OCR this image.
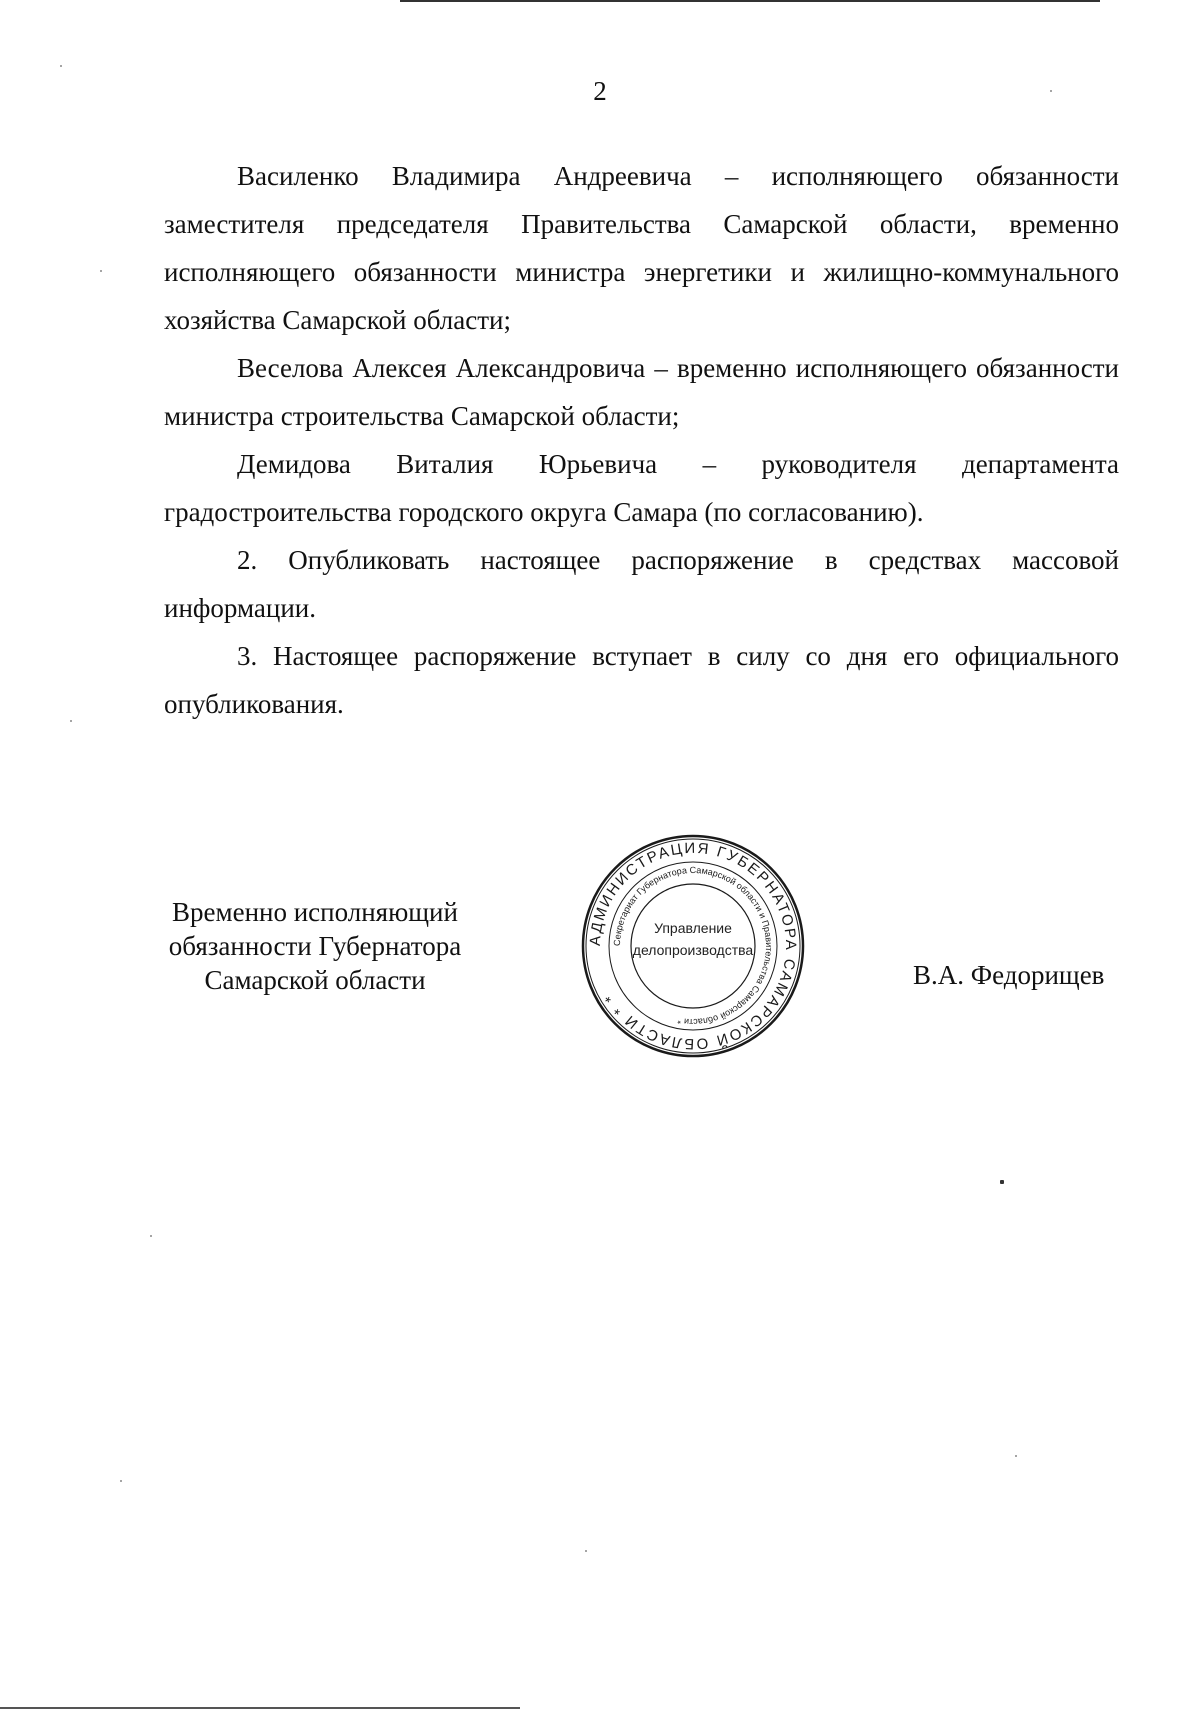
2

Василенко Владимира Андреевича – исполняющего обязанности заместителя председателя Правительства Самарской области, временно исполняющего обязанности министра энергетики и жилищно-коммунального хозяйства Самарской области;

Веселова Алексея Александровича – временно исполняющего обязанности министра строительства Самарской области;

Демидова Виталия Юрьевича – руководителя департамента градостроительства городского округа Самара (по согласованию).

2. Опубликовать настоящее распоряжение в средствах массовой информации.

3. Настоящее распоряжение вступает в силу со дня его официального опубликования.

Временно исполняющий
обязанности Губернатора
Самарской области
АДМИНИСТРАЦИЯ ГУБЕРНАТОРА САМАРСКОЙ ОБЛАСТИ * *
Секретариат Губернатора Самарской области и Правительства Самарской области *
Управление
делопроизводства
В.А. Федорищев
